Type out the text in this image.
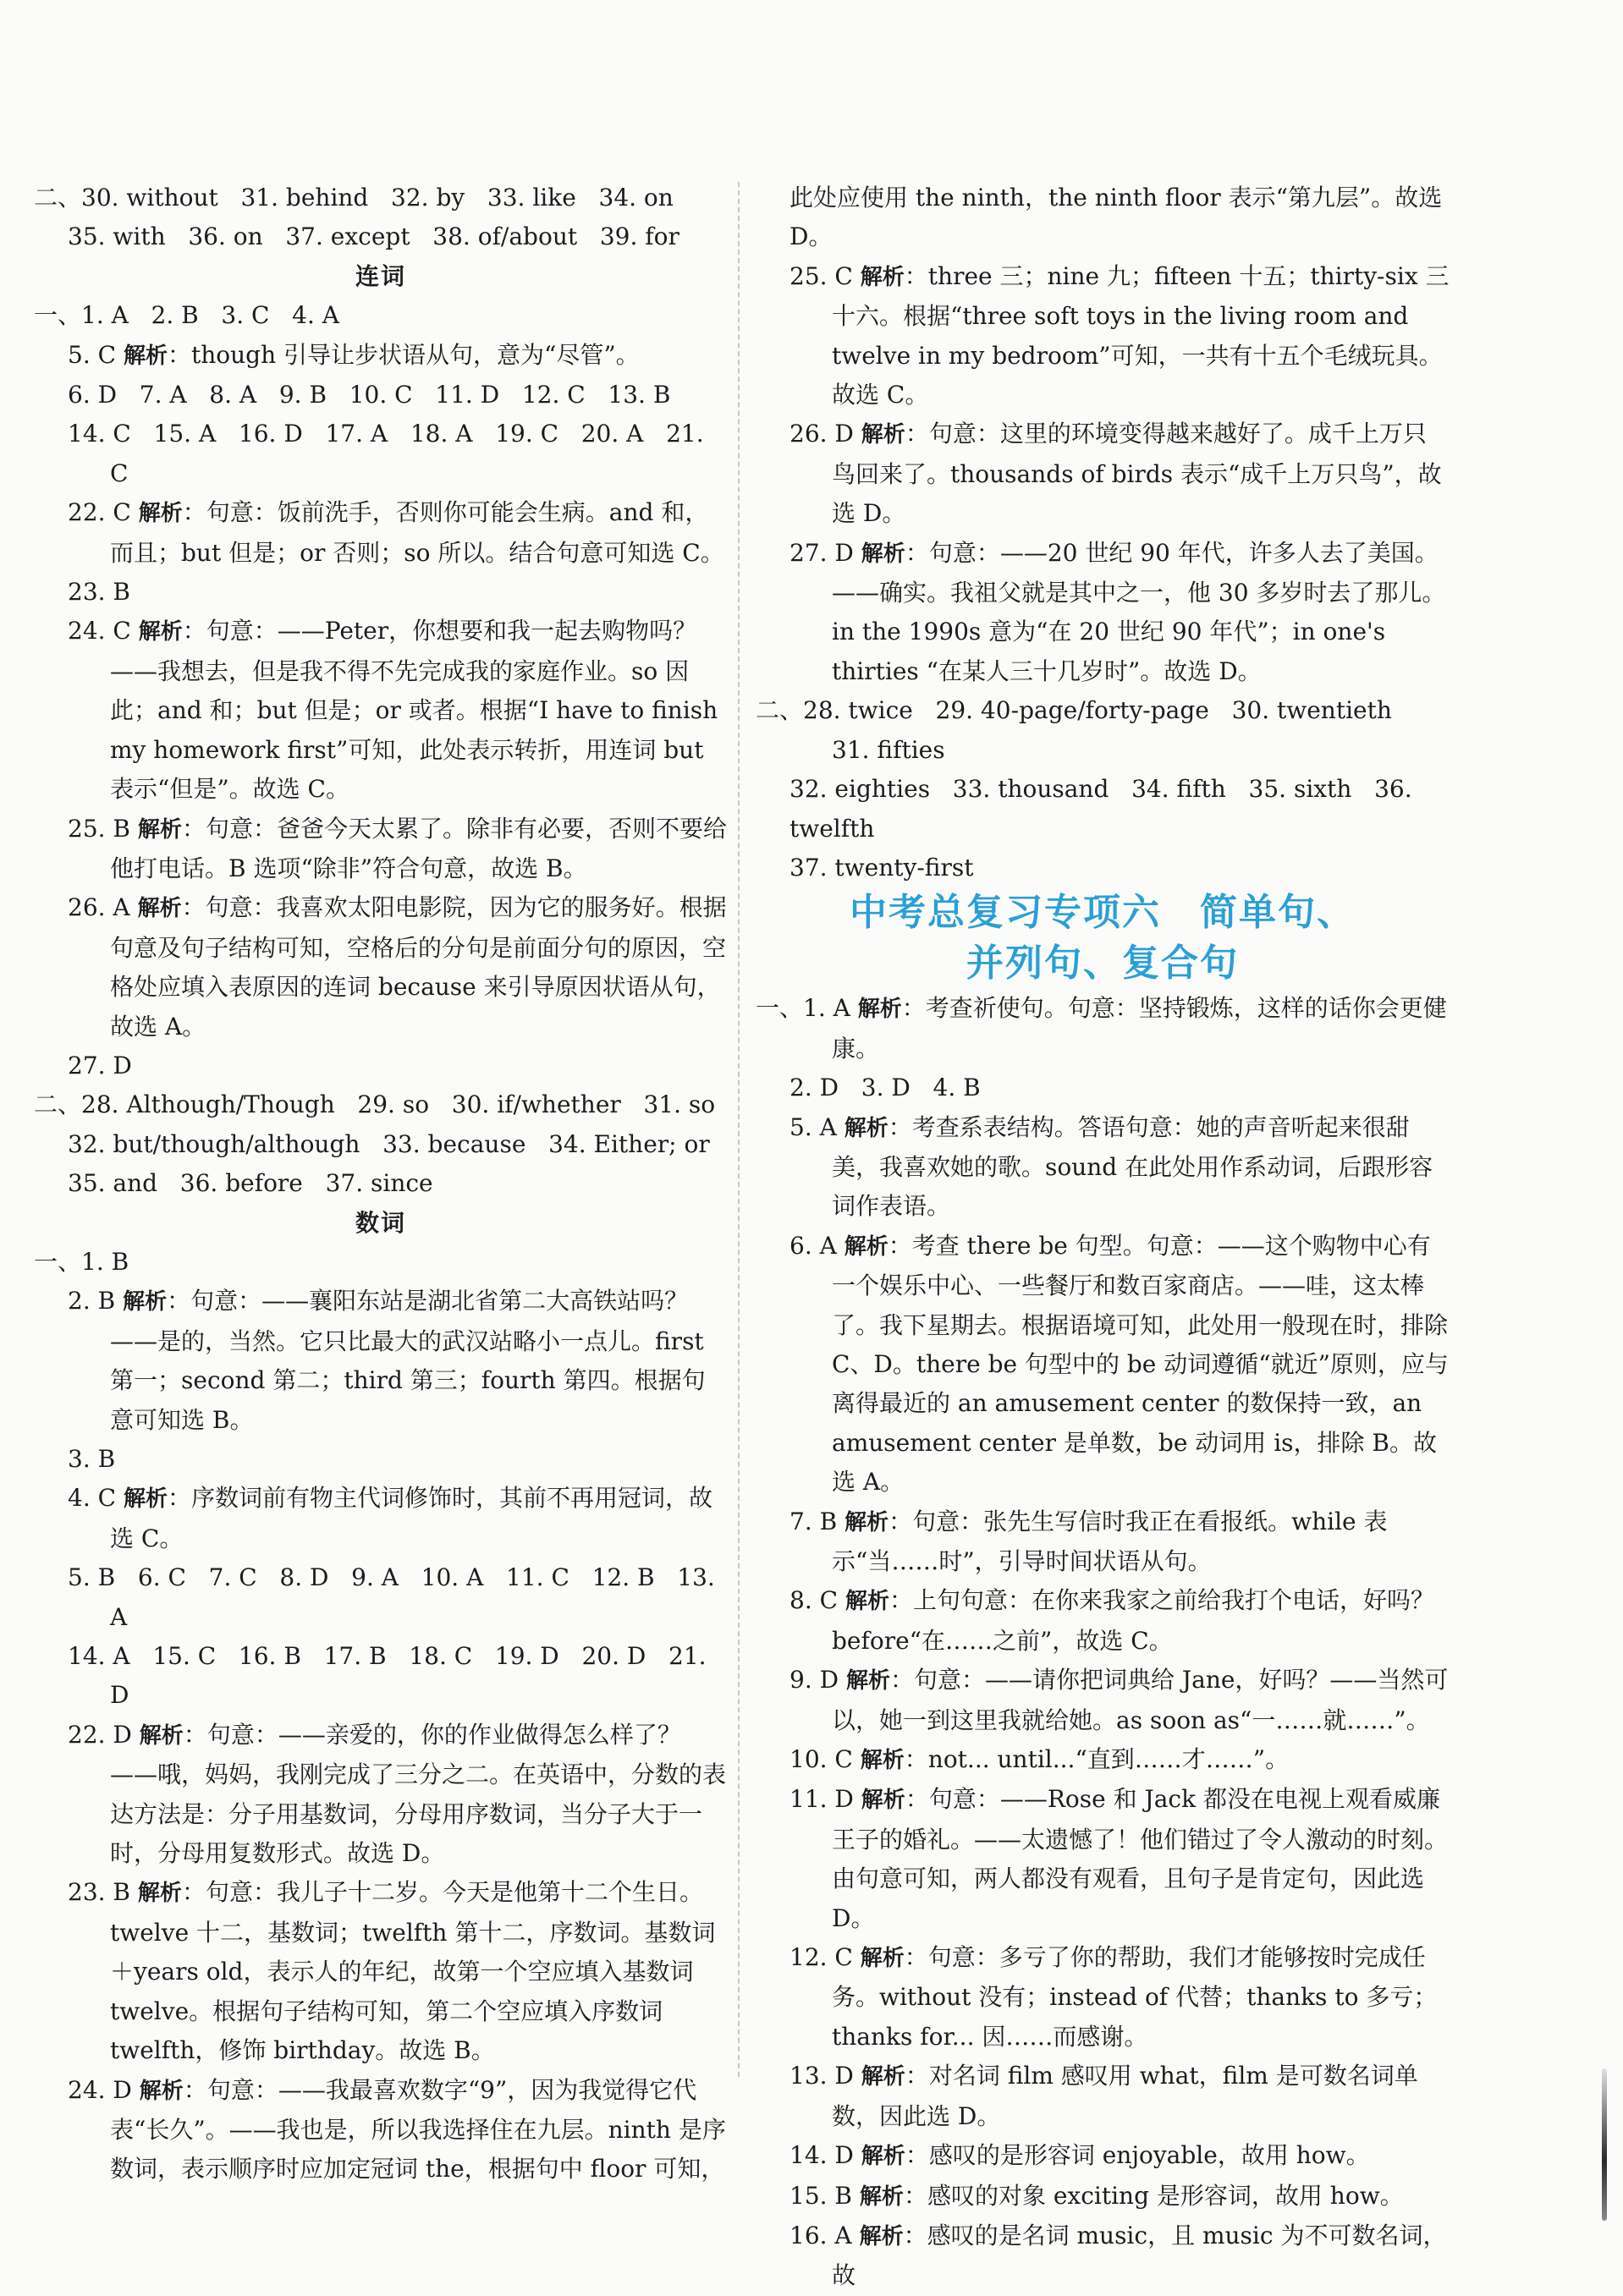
二、30. without   31. behind   32. by   33. like   34. on
35. with   36. on   37. except   38. of/about   39. for
连词
一、1. A   2. B   3. C   4. A
5. C 解析：though 引导让步状语从句，意为“尽管”。
6. D   7. A   8. A   9. B   10. C   11. D   12. C   13. B
14. C   15. A   16. D   17. A   18. A   19. C   20. A   21. C
22. C 解析：句意：饭前洗手，否则你可能会生病。and 和，而且；but 但是；or 否则；so 所以。结合句意可知选 C。
23. B
24. C 解析：句意：——Peter，你想要和我一起去购物吗？——我想去，但是我不得不先完成我的家庭作业。so 因此；and 和；but 但是；or 或者。根据“I have to finish my homework first”可知，此处表示转折，用连词 but 表示“但是”。故选 C。
25. B 解析：句意：爸爸今天太累了。除非有必要，否则不要给他打电话。B 选项“除非”符合句意，故选 B。
26. A 解析：句意：我喜欢太阳电影院，因为它的服务好。根据句意及句子结构可知，空格后的分句是前面分句的原因，空格处应填入表原因的连词 because 来引导原因状语从句，故选 A。
27. D
二、28. Although/Though   29. so   30. if/whether   31. so
32. but/though/although   33. because   34. Either; or
35. and   36. before   37. since
数词
一、1. B
2. B 解析：句意：——襄阳东站是湖北省第二大高铁站吗？——是的，当然。它只比最大的武汉站略小一点儿。first 第一；second 第二；third 第三；fourth 第四。根据句意可知选 B。
3. B
4. C 解析：序数词前有物主代词修饰时，其前不再用冠词，故选 C。
5. B   6. C   7. C   8. D   9. A   10. A   11. C   12. B   13. A
14. A   15. C   16. B   17. B   18. C   19. D   20. D   21. D
22. D 解析：句意：——亲爱的，你的作业做得怎么样了？——哦，妈妈，我刚完成了三分之二。在英语中，分数的表达方法是：分子用基数词，分母用序数词，当分子大于一时，分母用复数形式。故选 D。
23. B 解析：句意：我儿子十二岁。今天是他第十二个生日。twelve 十二，基数词；twelfth 第十二，序数词。基数词＋years old，表示人的年纪，故第一个空应填入基数词 twelve。根据句子结构可知，第二个空应填入序数词 twelfth，修饰 birthday。故选 B。
24. D 解析：句意：——我最喜欢数字“9”，因为我觉得它代表“长久”。——我也是，所以我选择住在九层。ninth 是序数词，表示顺序时应加定冠词 the，根据句中 floor 可知，
此处应使用 the ninth，the ninth floor 表示“第九层”。故选 D。
25. C 解析：three 三；nine 九；fifteen 十五；thirty-six 三十六。根据“three soft toys in the living room and twelve in my bedroom”可知，一共有十五个毛绒玩具。故选 C。
26. D 解析：句意：这里的环境变得越来越好了。成千上万只鸟回来了。thousands of birds 表示“成千上万只鸟”，故选 D。
27. D 解析：句意：——20 世纪 90 年代，许多人去了美国。——确实。我祖父就是其中之一，他 30 多岁时去了那儿。in the 1990s 意为“在 20 世纪 90 年代”；in one's thirties “在某人三十几岁时”。故选 D。
二、28. twice   29. 40-page/forty-page   30. twentieth   31. fifties
32. eighties   33. thousand   34. fifth   35. sixth   36. twelfth
37. twenty-first
中考总复习专项六　简单句、
并列句、复合句
一、1. A 解析：考查祈使句。句意：坚持锻炼，这样的话你会更健康。
2. D   3. D   4. B
5. A 解析：考查系表结构。答语句意：她的声音听起来很甜美，我喜欢她的歌。sound 在此处用作系动词，后跟形容词作表语。
6. A 解析：考查 there be 句型。句意：——这个购物中心有一个娱乐中心、一些餐厅和数百家商店。——哇，这太棒了。我下星期去。根据语境可知，此处用一般现在时，排除 C、D。there be 句型中的 be 动词遵循“就近”原则，应与离得最近的 an amusement center 的数保持一致，an amusement center 是单数，be 动词用 is，排除 B。故选 A。
7. B 解析：句意：张先生写信时我正在看报纸。while 表示“当……时”，引导时间状语从句。
8. C 解析：上句句意：在你来我家之前给我打个电话，好吗？before“在……之前”，故选 C。
9. D 解析：句意：——请你把词典给 Jane，好吗？——当然可以，她一到这里我就给她。as soon as“一……就……”。
10. C 解析：not... until...“直到……才……”。
11. D 解析：句意：——Rose 和 Jack 都没在电视上观看威廉王子的婚礼。——太遗憾了！他们错过了令人激动的时刻。由句意可知，两人都没有观看，且句子是肯定句，因此选 D。
12. C 解析：句意：多亏了你的帮助，我们才能够按时完成任务。without 没有；instead of 代替；thanks to 多亏；thanks for... 因……而感谢。
13. D 解析：对名词 film 感叹用 what，film 是可数名词单数，因此选 D。
14. D 解析：感叹的是形容词 enjoyable，故用 how。
15. B 解析：感叹的对象 exciting 是形容词，故用 how。
16. A 解析：感叹的是名词 music，且 music 为不可数名词，故
